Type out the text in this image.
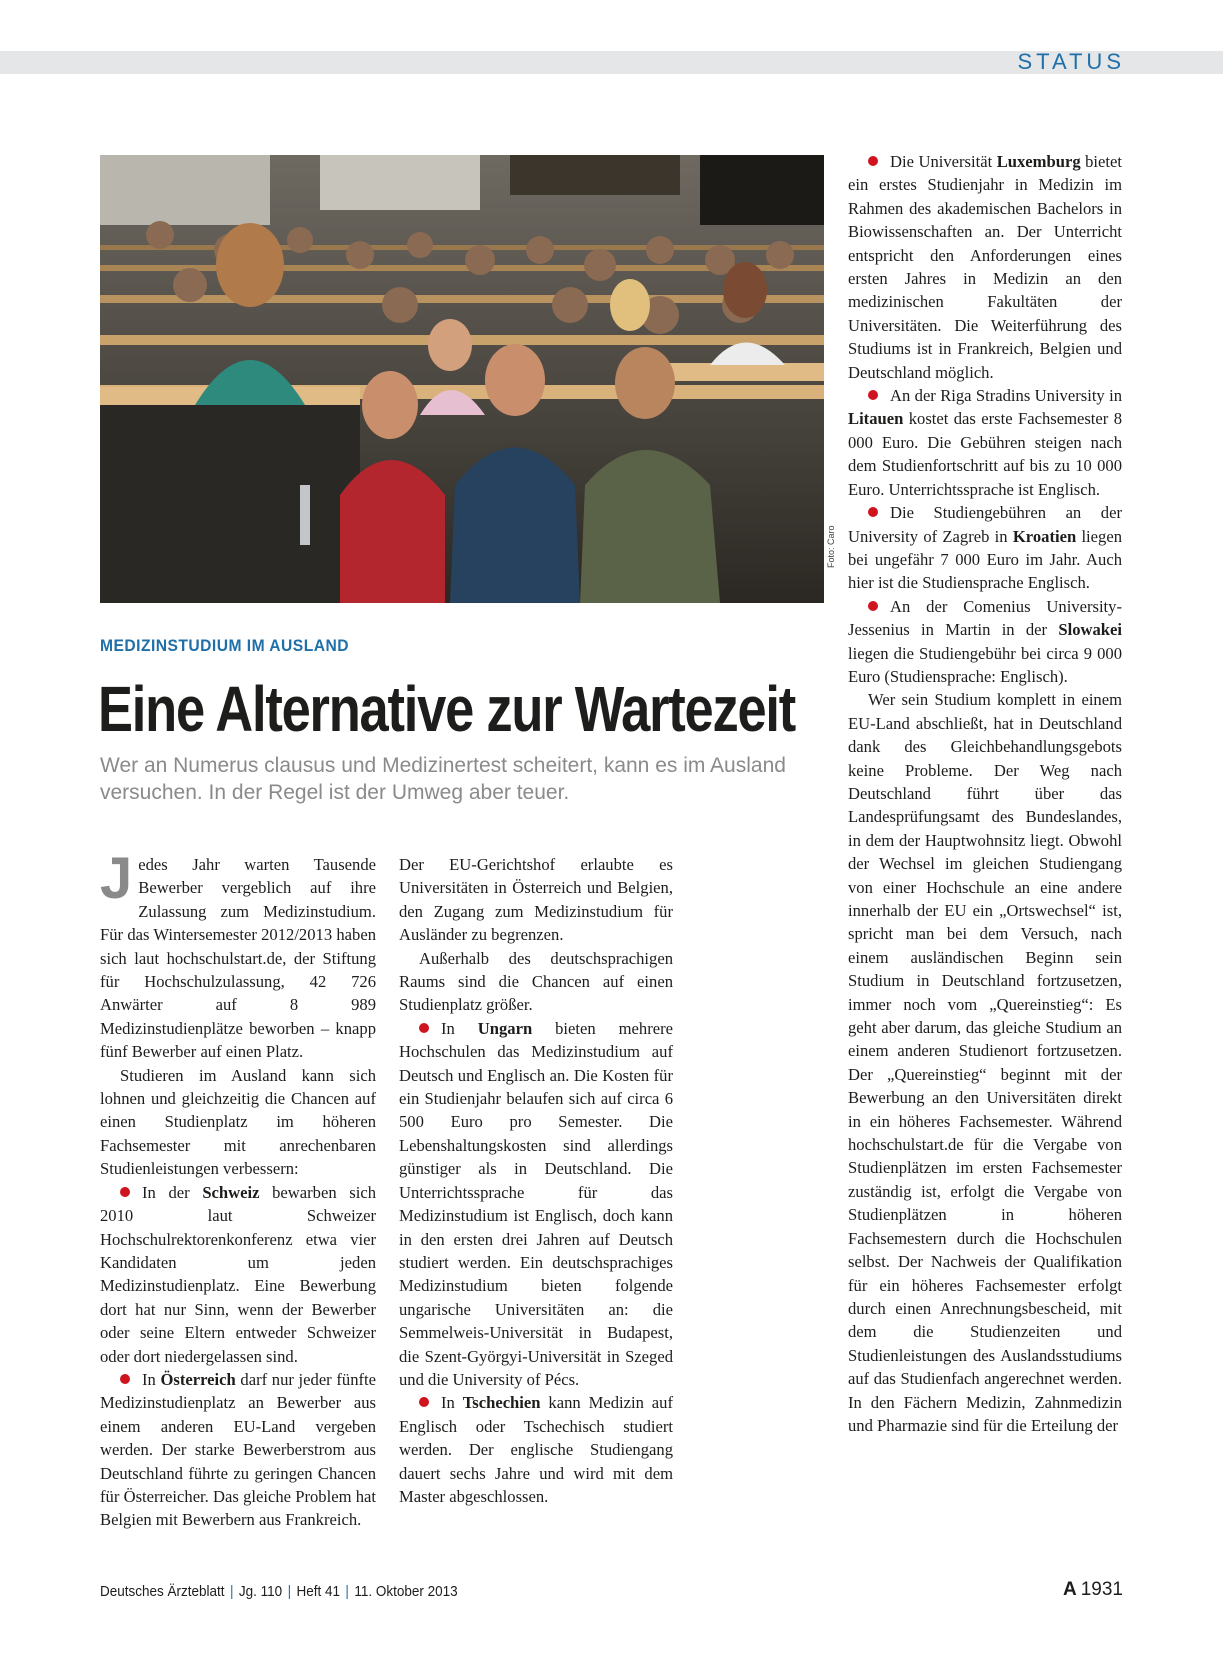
STATUS
Foto: Caro
MEDIZINSTUDIUM IM AUSLAND
Eine Alternative zur Wartezeit
Wer an Numerus clausus und Medizinertest scheitert, kann es im Ausland versuchen. In der Regel ist der Umweg aber teuer.

Jedes Jahr warten Tausende Bewerber vergeblich auf ihre Zulassung zum Medizinstudium. Für das Wintersemester 2012/2013 haben sich laut hochschulstart.de, der Stiftung für Hochschulzulassung, 42 726 Anwärter auf 8 989 Medizinstudienplätze beworben – knapp fünf Bewerber auf einen Platz.

Studieren im Ausland kann sich lohnen und gleichzeitig die Chancen auf einen Studienplatz im höheren Fachsemester mit anrechenbaren Studienleistungen verbessern:

In der Schweiz bewarben sich 2010 laut Schweizer Hochschulrektorenkonferenz etwa vier Kandidaten um jeden Medizinstudienplatz. Eine Bewerbung dort hat nur Sinn, wenn der Bewerber oder seine Eltern entweder Schweizer oder dort niedergelassen sind.

In Österreich darf nur jeder fünfte Medizinstudienplatz an Bewerber aus einem anderen EU-Land vergeben werden. Der starke Bewerberstrom aus Deutschland führte zu geringen Chancen für Österreicher. Das gleiche Problem hat Belgien mit Bewerbern aus Frankreich.

Der EU-Gerichtshof erlaubte es Universitäten in Österreich und Belgien, den Zugang zum Medizinstudium für Ausländer zu begrenzen.

Außerhalb des deutschsprachigen Raums sind die Chancen auf einen Studienplatz größer.

In Ungarn bieten mehrere Hochschulen das Medizinstudium auf Deutsch und Englisch an. Die Kosten für ein Studienjahr belaufen sich auf circa 6 500 Euro pro Semester. Die Lebenshaltungskosten sind allerdings günstiger als in Deutschland. Die Unterrichtssprache für das Medizinstudium ist Englisch, doch kann in den ersten drei Jahren auf Deutsch studiert werden. Ein deutschsprachiges Medizinstudium bieten folgende ungarische Universitäten an: die Semmelweis-Universität in Budapest, die Szent-Györgyi-Universität in Szeged und die University of Pécs.

In Tschechien kann Medizin auf Englisch oder Tschechisch studiert werden. Der englische Studiengang dauert sechs Jahre und wird mit dem Master abgeschlossen.

Die Universität Luxemburg bietet ein erstes Studienjahr in Medizin im Rahmen des akademischen Bachelors in Biowissenschaften an. Der Unterricht entspricht den Anforderungen eines ersten Jahres in Medizin an den medizinischen Fakultäten der Universitäten. Die Weiterführung des Studiums ist in Frankreich, Belgien und Deutschland möglich.

An der Riga Stradins University in Litauen kostet das erste Fachsemester 8 000 Euro. Die Gebühren steigen nach dem Studienfortschritt auf bis zu 10 000 Euro. Unterrichtssprache ist Englisch.

Die Studiengebühren an der University of Zagreb in Kroatien liegen bei ungefähr 7 000 Euro im Jahr. Auch hier ist die Studiensprache Englisch.

An der Comenius University-Jessenius in Martin in der Slowakei liegen die Studiengebühr bei circa 9 000 Euro (Studiensprache: Englisch).

Wer sein Studium komplett in einem EU-Land abschließt, hat in Deutschland dank des Gleichbehandlungsgebots keine Probleme. Der Weg nach Deutschland führt über das Landesprüfungsamt des Bundeslandes, in dem der Hauptwohnsitz liegt. Obwohl der Wechsel im gleichen Studiengang von einer Hochschule an eine andere innerhalb der EU ein „Ortswechsel“ ist, spricht man bei dem Versuch, nach einem ausländischen Beginn sein Studium in Deutschland fortzusetzen, immer noch vom „Quereinstieg“: Es geht aber darum, das gleiche Studium an einem anderen Studienort fortzusetzen. Der „Quereinstieg“ beginnt mit der Bewerbung an den Universitäten direkt in ein höheres Fachsemester. Während hochschulstart.de für die Vergabe von Studienplätzen im ersten Fachsemester zuständig ist, erfolgt die Vergabe von Studienplätzen in höheren Fachsemestern durch die Hochschulen selbst. Der Nachweis der Qualifikation für ein höheres Fachsemester erfolgt durch einen Anrechnungsbescheid, mit dem die Studienzeiten und Studienleistungen des Auslandsstudiums auf das Studienfach angerechnet werden. In den Fächern Medizin, Zahnmedizin und Pharmazie sind für die Erteilung der

Deutsches Ärzteblatt | Jg. 110 | Heft 41 | 11. Oktober 2013	A 1931
